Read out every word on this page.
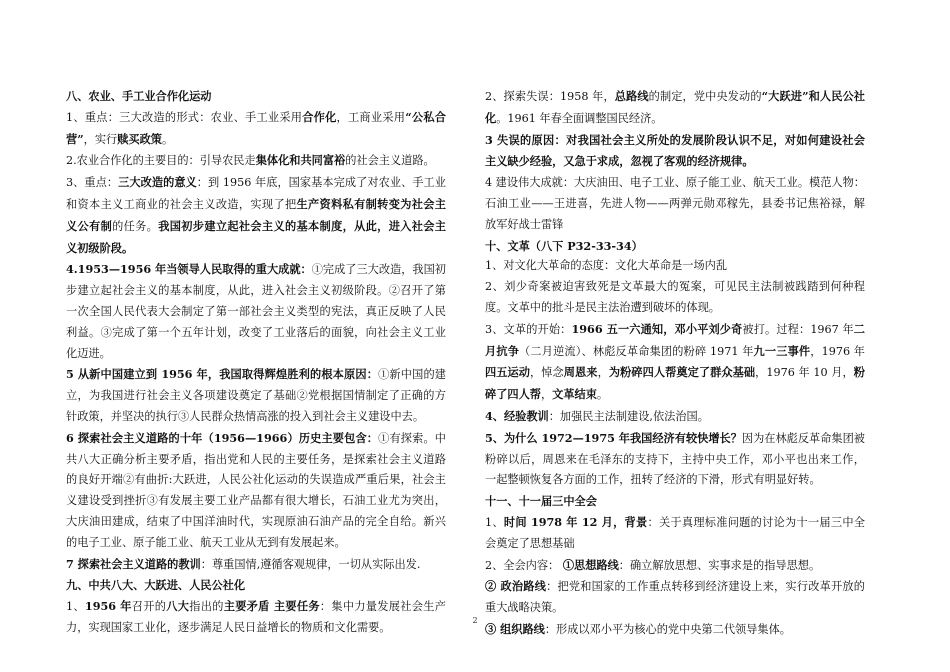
八、农业、手工业合作化运动

1、重点：三大改造的形式：农业、手工业采用合作化，工商业采用“公私合营”，实行赎买政策。

2.农业合作化的主要目的：引导农民走集体化和共同富裕的社会主义道路。

3、重点：三大改造的意义：到 1956 年底，国家基本完成了对农业、手工业和资本主义工商业的社会主义改造，实现了把生产资料私有制转变为社会主义公有制的任务。我国初步建立起社会主义的基本制度，从此，进入社会主义初级阶段。

4.1953—1956 年当领导人民取得的重大成就：①完成了三大改造，我国初步建立起社会主义的基本制度，从此，进入社会主义初级阶段。②召开了第一次全国人民代表大会制定了第一部社会主义类型的宪法，真正反映了人民利益。③完成了第一个五年计划，改变了工业落后的面貌，向社会主义工业化迈进。

5 从新中国建立到 1956 年，我国取得辉煌胜利的根本原因：①新中国的建立，为我国进行社会主义各项建设奠定了基础②党根据国情制定了正确的方针政策，并坚决的执行③人民群众热情高涨的投入到社会主义建设中去。

6 探索社会主义道路的十年（1956—1966）历史主要包含：①有探索。中共八大正确分析主要矛盾，指出党和人民的主要任务，是探索社会主义道路的良好开端②有曲折:大跃进，人民公社化运动的失误造成严重后果，社会主义建设受到挫折③有发展主要工业产品都有很大增长，石油工业尤为突出，大庆油田建成，结束了中国洋油时代，实现原油石油产品的完全自给。新兴的电子工业、原子能工业、航天工业从无到有发展起来。

7 探索社会主义道路的教训：尊重国情,遵循客观规律，一切从实际出发.

九、中共八大、大跃进、人民公社化

1、1956 年召开的八大指出的主要矛盾 主要任务：集中力量发展社会生产力，实现国家工业化，逐步满足人民日益增长的物质和文化需要。

2、探索失误：1958 年，总路线的制定，党中央发动的“大跃进”和人民公社化。1961 年春全面调整国民经济。

3 失误的原因：对我国社会主义所处的发展阶段认识不足，对如何建设社会主义缺少经验，又急于求成，忽视了客观的经济规律。

4 建设伟大成就：大庆油田、电子工业、原子能工业、航天工业。模范人物：石油工业——王进喜，先进人物——两弹元勋邓稼先，县委书记焦裕禄，解放军好战士雷锋

十、文革（八下 P32-33-34）

1、对文化大革命的态度：文化大革命是一场内乱

2、刘少奇案被迫害致死是文革最大的冤案，可见民主法制被践踏到何种程度。文革中的批斗是民主法治遭到破坏的体现。

3、文革的开始：1966 五一六通知，邓小平刘少奇被打。过程：1967 年二月抗争（二月逆流）、林彪反革命集团的粉碎 1971 年九一三事件，1976 年四五运动，悼念周恩来，为粉碎四人帮奠定了群众基础，1976 年 10 月，粉碎了四人帮，文革结束。

4、经验教训：加强民主法制建设,依法治国。

5、为什么 1972—1975 年我国经济有较快增长？因为在林彪反革命集团被粉碎以后，周恩来在毛泽东的支持下，主持中央工作，邓小平也出来工作，一起整顿恢复各方面的工作，扭转了经济的下滑，形式有明显好转。

十一、十一届三中全会

1、时间 1978 年 12 月，背景：关于真理标准问题的讨论为十一届三中全会奠定了思想基础

2、全会内容： ①思想路线：确立解放思想、实事求是的指导思想。

② 政治路线：把党和国家的工作重点转移到经济建设上来，实行改革开放的重大战略决策。

③ 组织路线：形成以邓小平为核心的党中央第二代领导集体。

2
